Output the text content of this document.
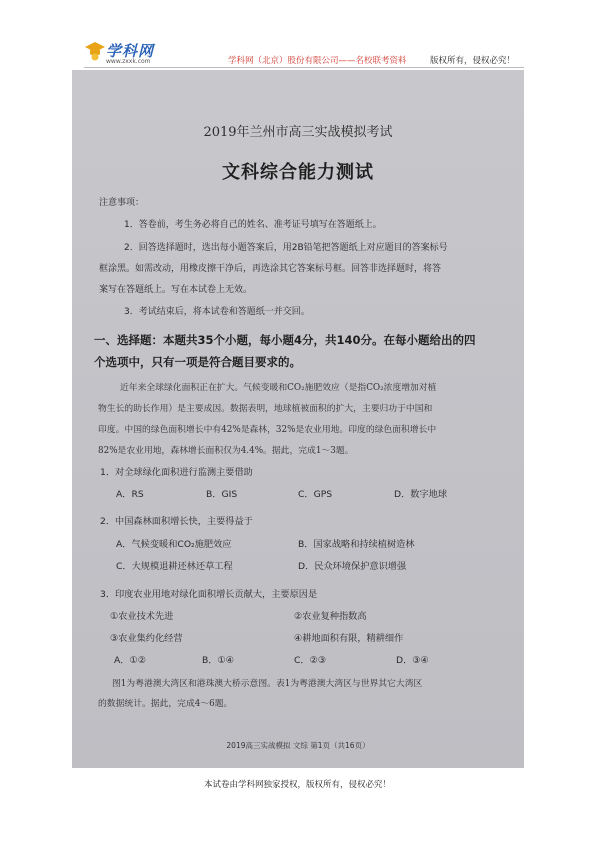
学科网
www.zxxk.com	学科网（北京）股份有限公司——名校联考资料	版权所有，侵权必究！
2019年兰州市高三实战模拟考试
文科综合能力测试
注意事项：
1．答卷前，考生务必将自己的姓名、准考证号填写在答题纸上。
2．回答选择题时，选出每小题答案后，用2B铅笔把答题纸上对应题目的答案标号
框涂黑。如需改动，用橡皮擦干净后，再选涂其它答案标号框。回答非选择题时，将答
案写在答题纸上。写在本试卷上无效。
3．考试结束后，将本试卷和答题纸一并交回。
一、选择题：本题共35个小题，每小题4分，共140分。在每小题给出的四
个选项中，只有一项是符合题目要求的。
近年来全球绿化面积正在扩大。气候变暖和CO₂施肥效应（是指CO₂浓度增加对植
物生长的助长作用）是主要成因。数据表明，地球植被面积的扩大，主要归功于中国和
印度。中国的绿色面积增长中有42%是森林，32%是农业用地。印度的绿色面积增长中
82%是农业用地，森林增长面积仅为4.4%。据此，完成1～3题。
1．对全球绿化面积进行监测主要借助
A．RS	B．GIS	C．GPS	D．数字地球
2．中国森林面积增长快，主要得益于
A．气候变暖和CO₂施肥效应	B．国家战略和持续植树造林
C．大规模退耕还林还草工程	D．民众环境保护意识增强
3．印度农业用地对绿化面积增长贡献大，主要原因是
①农业技术先进	②农业复种指数高
③农业集约化经营	④耕地面积有限，精耕细作
A．①②	B．①④	C．②③	D．③④
图1为粤港澳大湾区和港珠澳大桥示意图。表1为粤港澳大湾区与世界其它大湾区
的数据统计。据此，完成4～6题。
2019高三实战模拟 文综 第1页（共16页）
本试卷由学科网独家授权，版权所有，侵权必究！
